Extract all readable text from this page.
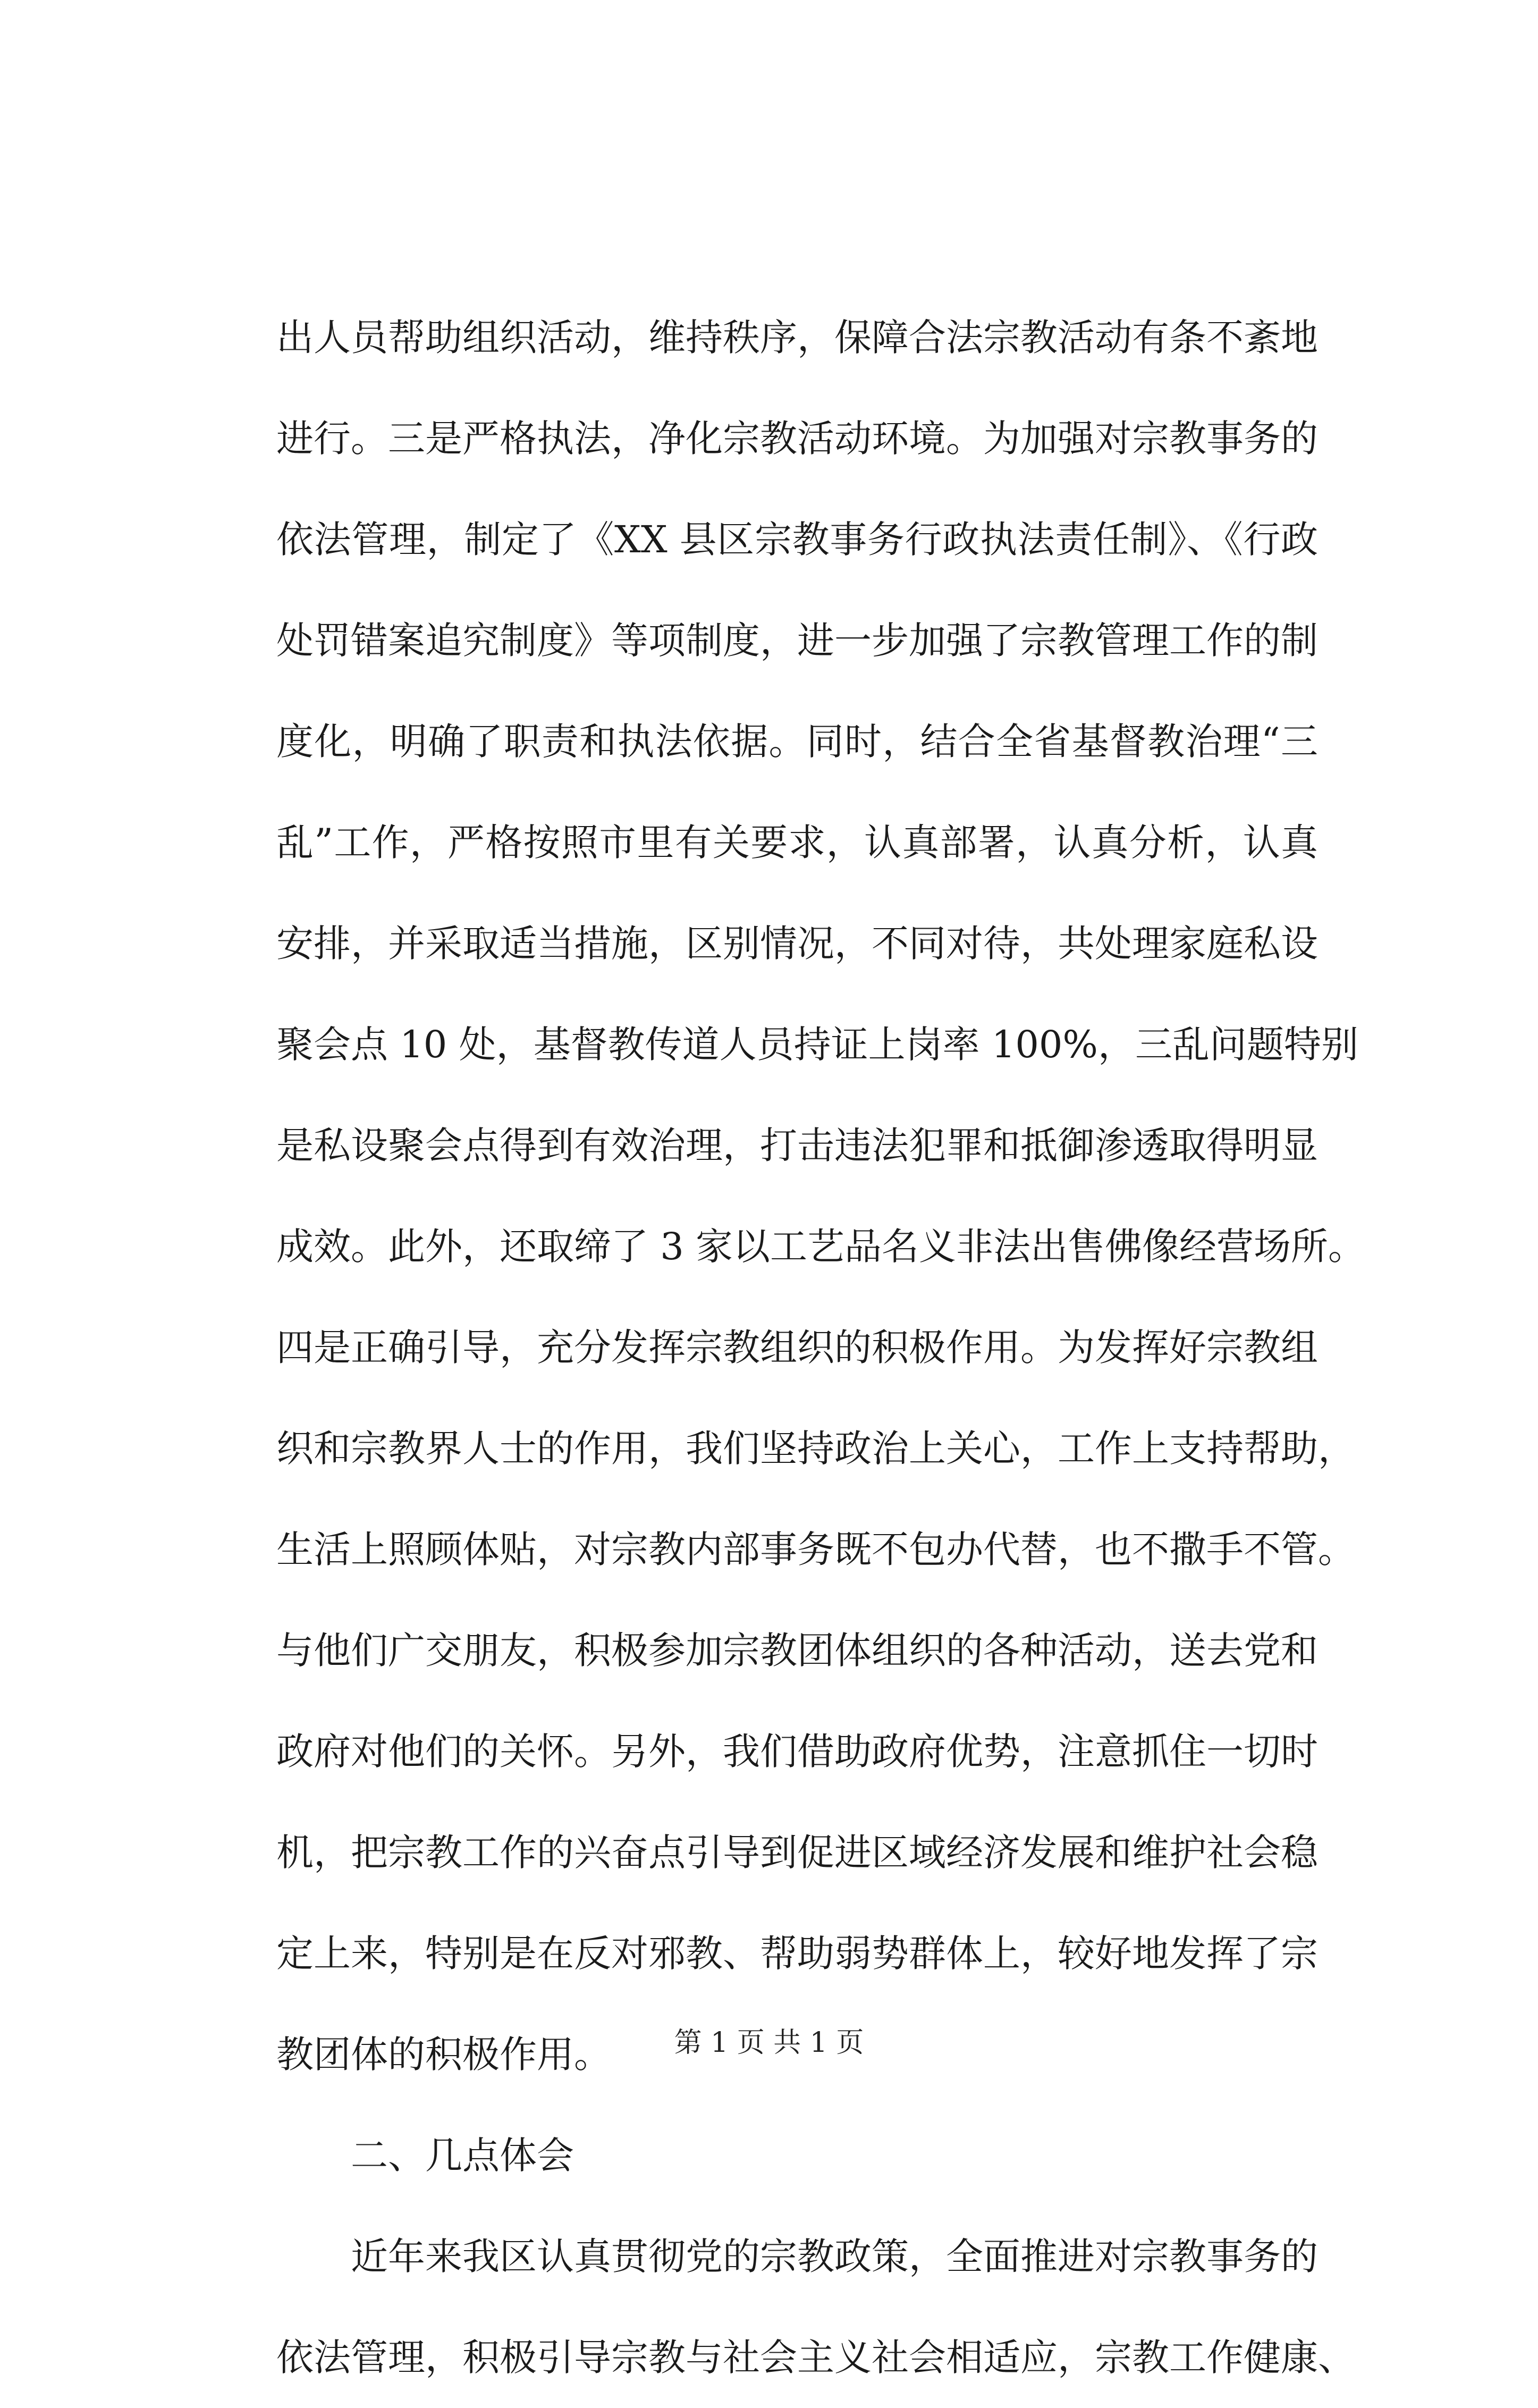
出人员帮助组织活动，维持秩序，保障合法宗教活动有条不紊地
进行。三是严格执法，净化宗教活动环境。为加强对宗教事务的
依法管理，制定了《XX 县区宗教事务行政执法责任制》、《行政
处罚错案追究制度》等项制度，进一步加强了宗教管理工作的制
度化，明确了职责和执法依据。同时，结合全省基督教治理“三
乱”工作，严格按照市里有关要求，认真部署，认真分析，认真
安排，并采取适当措施，区别情况，不同对待，共处理家庭私设
聚会点 10 处，基督教传道人员持证上岗率 100%，三乱问题特别
是私设聚会点得到有效治理，打击违法犯罪和抵御渗透取得明显
成效。此外，还取缔了 3 家以工艺品名义非法出售佛像经营场所。
四是正确引导，充分发挥宗教组织的积极作用。为发挥好宗教组
织和宗教界人士的作用，我们坚持政治上关心，工作上支持帮助，
生活上照顾体贴，对宗教内部事务既不包办代替，也不撒手不管。
与他们广交朋友，积极参加宗教团体组织的各种活动，送去党和
政府对他们的关怀。另外，我们借助政府优势，注意抓住一切时
机，把宗教工作的兴奋点引导到促进区域经济发展和维护社会稳
定上来，特别是在反对邪教、帮助弱势群体上，较好地发挥了宗
教团体的积极作用。
二、几点体会
近年来我区认真贯彻党的宗教政策，全面推进对宗教事务的
依法管理，积极引导宗教与社会主义社会相适应，宗教工作健康、
第 1 页 共 1 页
